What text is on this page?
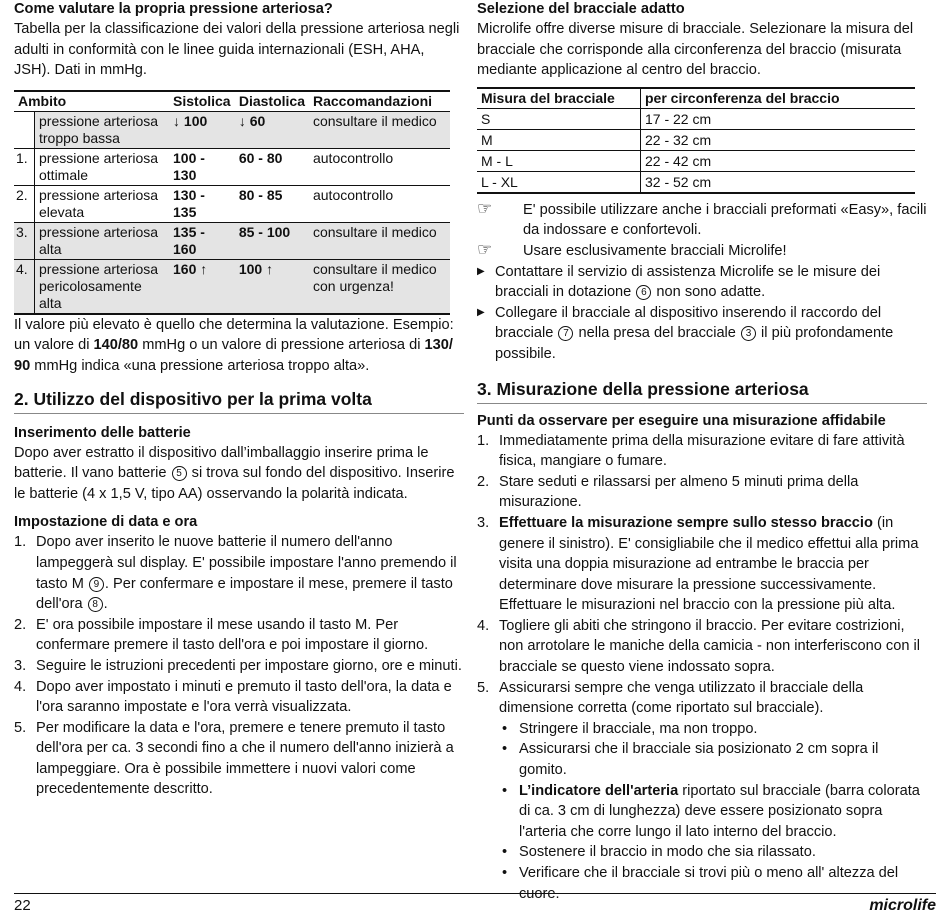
Come valutare la propria pressione arteriosa?

Tabella per la classificazione dei valori della pressione arteriosa negli adulti in conformità con le linee guida internazionali (ESH, AHA, JSH). Dati in mmHg.

Ambito		Sistolica	Diastolica	Raccomandazioni
	pressione arteriosa troppo bassa	↓ 100	↓ 60	consultare il medico
1.	pressione arteriosa ottimale	100 - 130	60 - 80	autocontrollo
2.	pressione arteriosa elevata	130 - 135	80 - 85	autocontrollo
3.	pressione arteriosa alta	135 - 160	85 - 100	consultare il medico
4.	pressione arteriosa pericolosamente alta	160 ↑	100 ↑	consultare il medico con urgenza!

Il valore più elevato è quello che determina la valutazione. Esempio: un valore di 140/80 mmHg o un valore di pressione arteriosa di 130/ 90 mmHg indica «una pressione arteriosa troppo alta».

2. Utilizzo del dispositivo per la prima volta
Inserimento delle batterie

Dopo aver estratto il dispositivo dall’imballaggio inserire prima le batterie. Il vano batterie 5 si trova sul fondo del dispositivo. Inserire le batterie (4 x 1,5 V, tipo AA) osservando la polarità indicata.

Impostazione di data e ora
1. Dopo aver inserito le nuove batterie il numero dell'anno lampeggerà sul display. E' possibile impostare l'anno premendo il tasto M 9 . Per confermare e impostare il mese, premere il tasto dell'ora 8 .
2. E' ora possibile impostare il mese usando il tasto M. Per confermare premere il tasto dell'ora e poi impostare il giorno.
3. Seguire le istruzioni precedenti per impostare giorno, ore e minuti.
4. Dopo aver impostato i minuti e premuto il tasto dell'ora, la data e l'ora saranno impostate e l'ora verrà visualizzata.
5. Per modificare la data e l'ora, premere e tenere premuto il tasto dell'ora per ca. 3 secondi fino a che il numero dell'anno inizierà a lampeggiare. Ora è possibile immettere i nuovi valori come precedentemente descritto.
Selezione del bracciale adatto

Microlife offre diverse misure di bracciale. Selezionare la misura del bracciale che corrisponde alla circonferenza del braccio (misurata mediante applicazione al centro del braccio.

Misura del bracciale	per circonferenza del braccio
S	17 - 22 cm
M	22 - 32 cm
M - L	22 - 42 cm
L - XL	32 - 52 cm
☞ E' possibile utilizzare anche i bracciali preformati «Easy», facili da indossare e confortevoli.
☞ Usare esclusivamente bracciali Microlife!
▶ Contattare il servizio di assistenza Microlife se le misure dei bracciali in dotazione 6 non sono adatte.
▶ Collegare il bracciale al dispositivo inserendo il raccordo del bracciale 7 nella presa del bracciale 3 il più profondamente possibile.
3. Misurazione della pressione arteriosa
Punti da osservare per eseguire una misurazione affidabile
1. Immediatamente prima della misurazione evitare di fare attività fisica, mangiare o fumare.
2. Stare seduti e rilassarsi per almeno 5 minuti prima della misurazione.
3. Effettuare la misurazione sempre sullo stesso braccio (in genere il sinistro). E' consigliabile che il medico effettui alla prima visita una doppia misurazione ad entrambe le braccia per determinare dove misurare la pressione successivamente. Effettuare le misurazioni nel braccio con la pressione più alta.
4. Togliere gli abiti che stringono il braccio. Per evitare costrizioni, non arrotolare le maniche della camicia - non interferiscono con il bracciale se questo viene indossato sopra.
5. Assicurarsi sempre che venga utilizzato il bracciale della dimensione corretta (come riportato sul bracciale).
• Stringere il bracciale, ma non troppo.
• Assicurarsi che il bracciale sia posizionato 2 cm sopra il gomito.
• L’indicatore dell'arteria riportato sul bracciale (barra colorata di ca. 3 cm di lunghezza) deve essere posizionato sopra l'arteria che corre lungo il lato interno del braccio.
• Sostenere il braccio in modo che sia rilassato.
• Verificare che il bracciale si trovi più o meno all' altezza del cuore.
22	microlife
